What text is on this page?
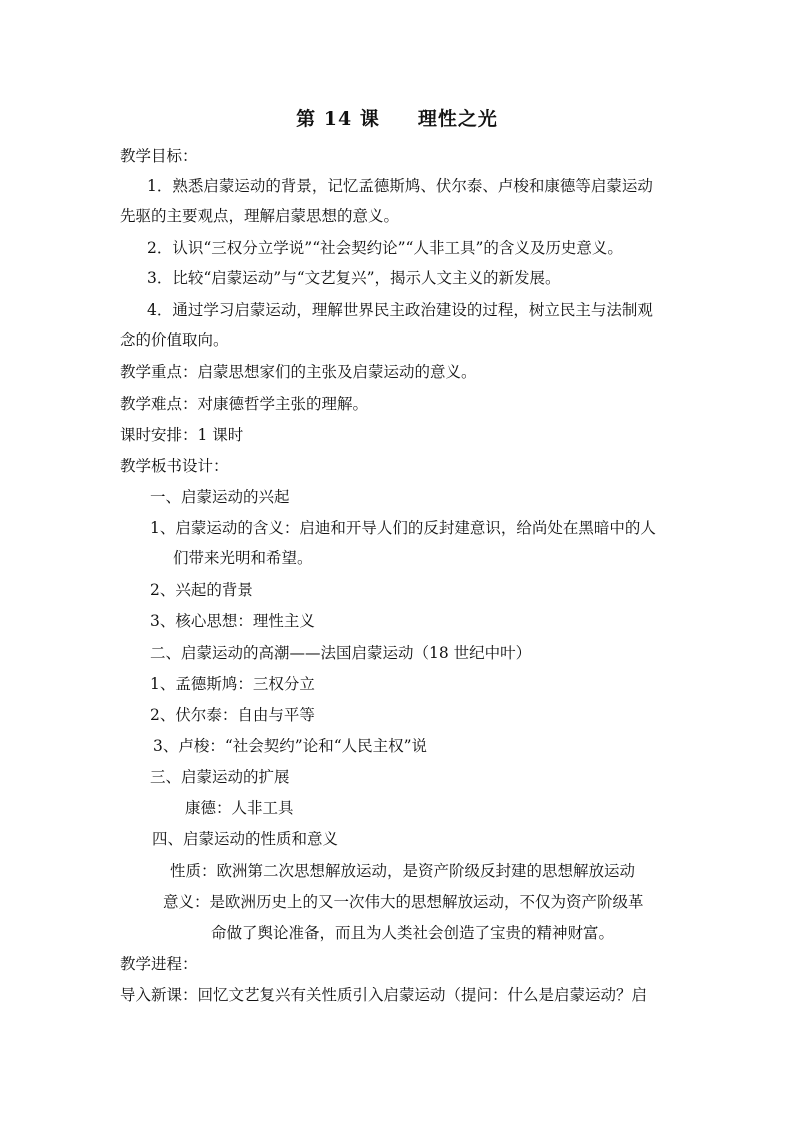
第 14 课 理性之光
教学目标：
1．熟悉启蒙运动的背景，记忆孟德斯鸠、伏尔泰、卢梭和康德等启蒙运动
先驱的主要观点，理解启蒙思想的意义。
2．认识“三权分立学说”“社会契约论”“人非工具”的含义及历史意义。
3．比较“启蒙运动”与“文艺复兴”，揭示人文主义的新发展。
4．通过学习启蒙运动，理解世界民主政治建设的过程，树立民主与法制观
念的价值取向。
教学重点：启蒙思想家们的主张及启蒙运动的意义。
教学难点：对康德哲学主张的理解。
课时安排：1 课时
教学板书设计：
一、启蒙运动的兴起
1、启蒙运动的含义：启迪和开导人们的反封建意识，给尚处在黑暗中的人
们带来光明和希望。
2、兴起的背景
3、核心思想：理性主义
二、启蒙运动的高潮——法国启蒙运动（18 世纪中叶）
1、孟德斯鸠：三权分立
2、伏尔泰：自由与平等
3、卢梭：“社会契约”论和“人民主权”说
三、启蒙运动的扩展
康德：人非工具
四、启蒙运动的性质和意义
性质：欧洲第二次思想解放运动，是资产阶级反封建的思想解放运动
意义：是欧洲历史上的又一次伟大的思想解放运动，不仅为资产阶级革
命做了舆论准备，而且为人类社会创造了宝贵的精神财富。
教学进程：
导入新课：回忆文艺复兴有关性质引入启蒙运动（提问：什么是启蒙运动？启
